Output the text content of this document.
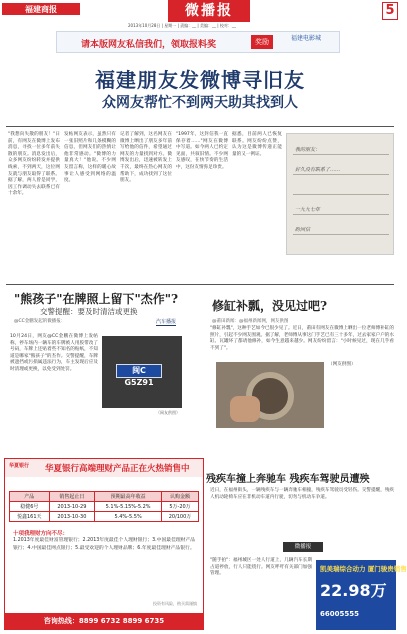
福建商报	微播报	5
2013年10月28日 | 星期一 | 责编：__ | 美编：__ | 校对：__
请本版网友私信我们，领取报料奖	奖励	福建电影城
福建朋友发微博寻旧友
众网友帮忙不到两天助其找到人
"我想向失散的朋友！"日前，有网友在微博上发布消息，寻找一位多年前失散的朋友。消息发出后，众多网友纷纷转发并提供线索，不到两天，这位网友就与朋友取得了联系。据了解，两人曾是同学，因工作调动失去联系已有十余年。
发帖网友表示，虽然只有一张旧照片和几条模糊的信息，但网友们的热情让他非常感动。"微博的力量真大！"他说。不少网友留言称，这样的暖心故事让人感受到网络的温度。
记者了解到，这名网友在微博上晒出了朋友多年前写给他的信件，希望通过网友的力量找到对方。微博发出后，迅速被转发上千次，最终在热心网友的帮助下，成功找到了这位朋友。
"1997年，这封信我一直保存着……"网友在微博中写道。如今两人已约定见面，共叙旧情。不少网友感叹，在快节奏的生活中，这份友情弥足珍贵。
据悉，目前两人已恢复联系。网友纷纷点赞，认为这是微博传递正能量的又一例证。
我的朋友：
好久没有联系了……
一九九七年
盼回信
"熊孩子"在牌照上留下"杰作"?
交警提醒：要及时清洁或更换
@CC金鹏发起的微播报：	汽车播报
10月24日，网友@CC金鹏在微博上发帖称，停车场内一辆车的车牌被人用胶带改了号码，车牌上还贴着些不知名的贴纸，不知道是哪家"熊孩子"的杰作。交警提醒，车牌被遮挡或污损属违法行为，车主发现后应及时清理或更换，以免受到处罚。	闽C G5Z91
（网友供图）
修缸补瓢，没见过吧?
@莆田新闻：@福州新闻网，网友供图
"修缸补瓢"，这种手艺如今已很少见了。近日，莆田有网友在微博上晒出一位老师傅补缸的照片，引起不少网友围观。据了解，老师傅从事这门手艺已有三十多年，过去家家户户的水缸、瓦罐坏了都请他修补，如今生意越来越少。网友纷纷留言："小时候见过，现在几乎看不到了"。
（网友供图）
华夏银行 华夏银行高端理财产品正在火热销售中
产品	销售起止日	预期最高年收益	认购金额
稳健6号	2013-10-29	5.1%-5.15%-5.2%	5万-20万
悦鑫161天	2013-10-30	5.4%-5.5%	20/100万
十项我理财方向不尽：
1.2013年度最佳财富管理银行；2.2013年度最佳个人理财银行；3.中国最佳理财产品银行；4.中国最佳网点银行；5.最受欢迎的个人理财品牌；6.年度最佳理财产品银行。
投资有风险，购买需谨慎
咨询热线：8899 6732 8899 6735
残疾车撞上奔驰车 残疾车驾驶员遭殃
近日，在福州街头，一辆残疾车与一辆奔驰车相撞，残疾车驾驶员受轻伤。交警提醒，残疾人机动轮椅车应在非机动车道内行驶，切勿与机动车争道。
微播报
"随手拍"：福州城区一处人行道上，几辆汽车长期占道停放，行人只能绕行。网友呼吁有关部门加强管理。
凯美瑞综合动力 厦门骏贵销售
22.98万
66005555
